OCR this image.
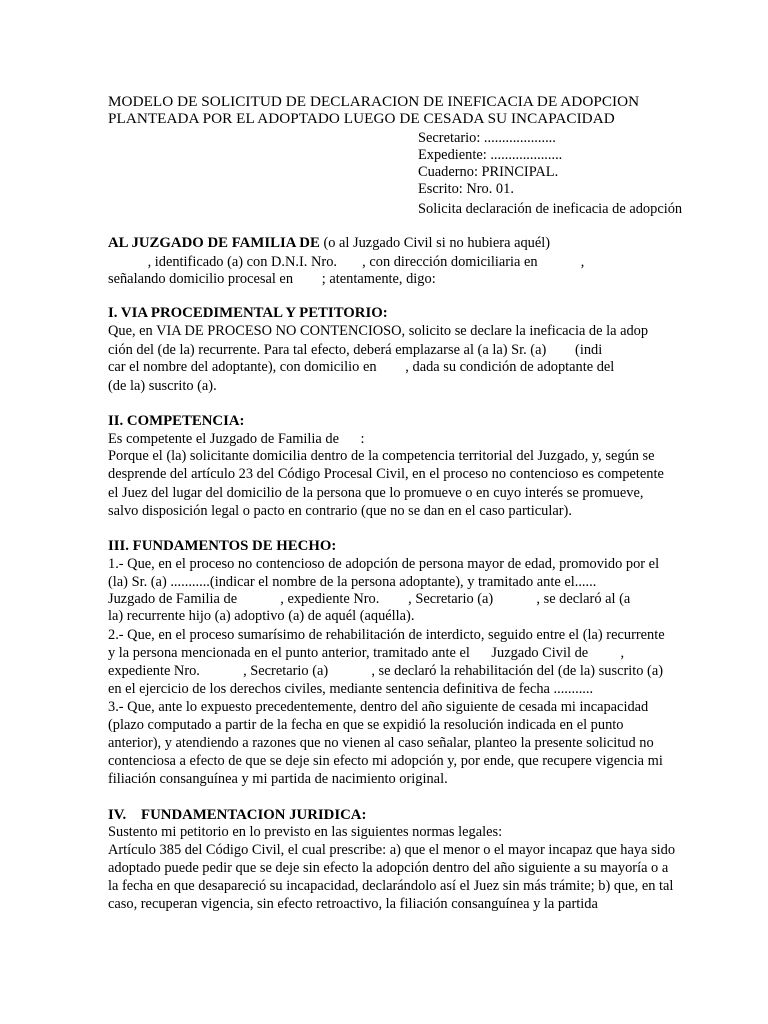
MODELO DE SOLICITUD DE DECLARACION DE INEFICACIA DE ADOPCION
PLANTEADA POR EL ADOPTADO LUEGO DE CESADA SU INCAPACIDAD
Secretario: ....................
Expediente: ....................
Cuaderno: PRINCIPAL.
Escrito: Nro. 01.
Solicita declaración de ineficacia de adopción
AL JUZGADO DE FAMILIA DE (o al Juzgado Civil si no hubiera aquél)
, identificado (a) con D.N.I. Nro.       , con dirección domiciliaria en            ,
señalando domicilio procesal en        ; atentamente, digo:
I. VIA PROCEDIMENTAL Y PETITORIO:
Que, en VIA DE PROCESO NO CONTENCIOSO, solicito se declare la ineficacia de la adop
ción del (de la) recurrente. Para tal efecto, deberá emplazarse al (a la) Sr. (a)        (indi
car el nombre del adoptante), con domicilio en        , dada su condición de adoptante del
(de la) suscrito (a).
II. COMPETENCIA:
Es competente el Juzgado de Familia de      :
Porque el (la) solicitante domicilia dentro de la competencia territorial del Juzgado, y, según se
desprende del artículo 23 del Código Procesal Civil, en el proceso no contencioso es competente
el Juez del lugar del domicilio de la persona que lo promueve o en cuyo interés se promueve,
salvo disposición legal o pacto en contrario (que no se dan en el caso particular).
III. FUNDAMENTOS DE HECHO:
1.- Que, en el proceso no contencioso de adopción de persona mayor de edad, promovido por el
(la) Sr. (a) ...........(indicar el nombre de la persona adoptante), y tramitado ante el......
Juzgado de Familia de            , expediente Nro.        , Secretario (a)            , se declaró al (a
la) recurrente hijo (a) adoptivo (a) de aquél (aquélla).
2.- Que, en el proceso sumarísimo de rehabilitación de interdicto, seguido entre el (la) recurrente
y la persona mencionada en el punto anterior, tramitado ante el      Juzgado Civil de         ,
expediente Nro.            , Secretario (a)            , se declaró la rehabilitación del (de la) suscrito (a)
en el ejercicio de los derechos civiles, mediante sentencia definitiva de fecha ...........
3.- Que, ante lo expuesto precedentemente, dentro del año siguiente de cesada mi incapacidad
(plazo computado a partir de la fecha en que se expidió la resolución indicada en el punto
anterior), y atendiendo a razones que no vienen al caso señalar, planteo la presente solicitud no
contenciosa a efecto de que se deje sin efecto mi adopción y, por ende, que recupere vigencia mi
filiación consanguínea y mi partida de nacimiento original.
IV.    FUNDAMENTACION JURIDICA:
Sustento mi petitorio en lo previsto en las siguientes normas legales:
Artículo 385 del Código Civil, el cual prescribe: a) que el menor o el mayor incapaz que haya sido
adoptado puede pedir que se deje sin efecto la adopción dentro del año siguiente a su mayoría o a
la fecha en que desapareció su incapacidad, declarándolo así el Juez sin más trámite; b) que, en tal
caso, recuperan vigencia, sin efecto retroactivo, la filiación consanguínea y la partida
